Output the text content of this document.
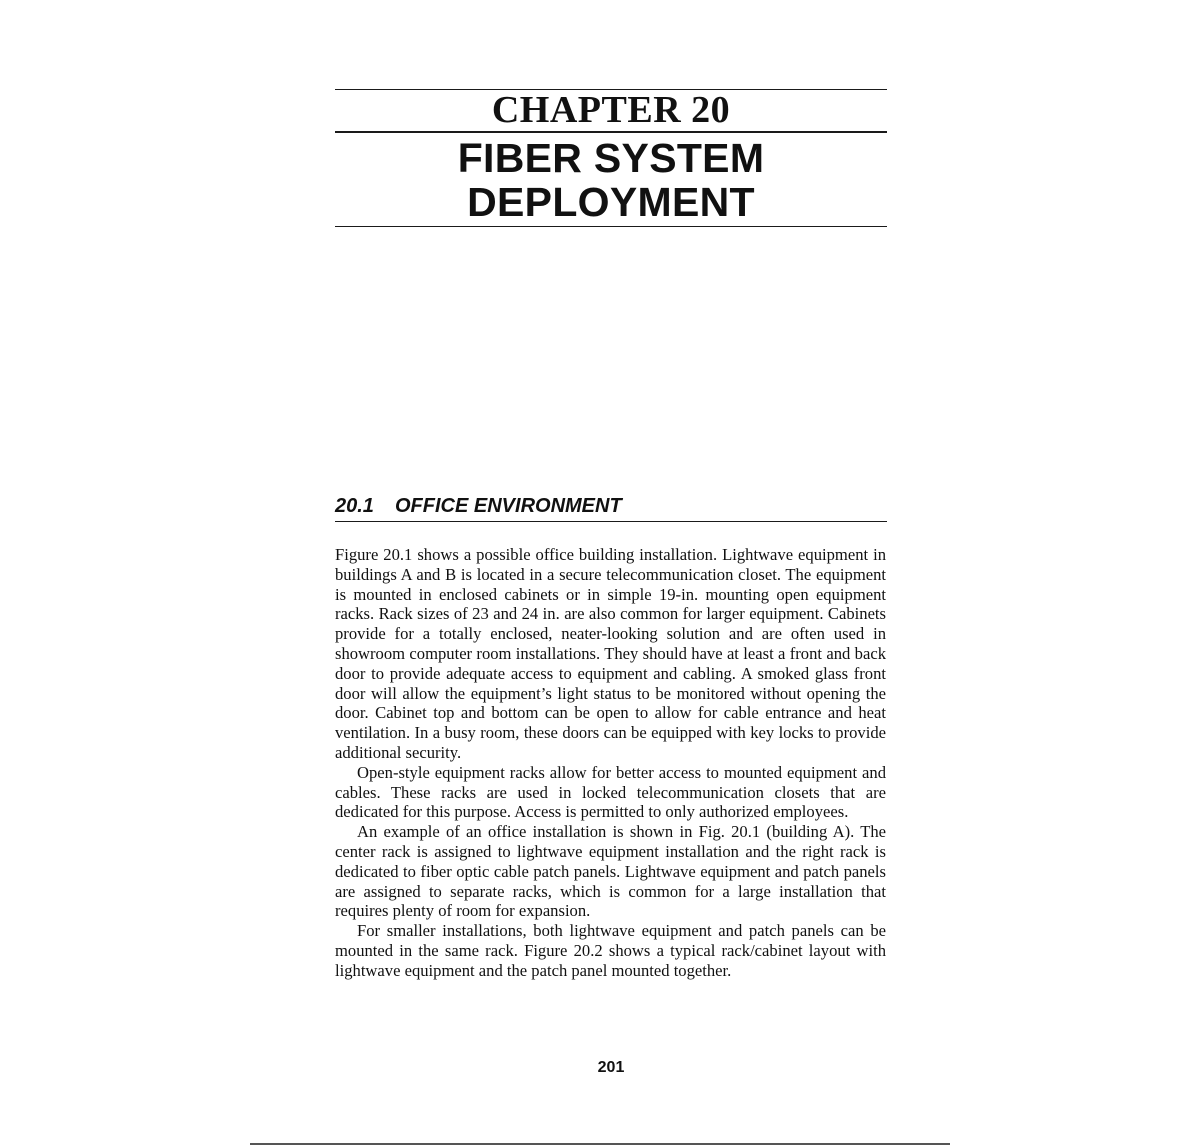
CHAPTER 20
FIBER SYSTEM
DEPLOYMENT
20.1 OFFICE ENVIRONMENT

Figure 20.1 shows a possible office building installation. Lightwave equipment in buildings A and B is located in a secure telecommunication closet. The equipment is mounted in enclosed cabinets or in simple 19-in. mounting open equipment racks. Rack sizes of 23 and 24 in. are also common for larger equipment. Cabinets provide for a totally enclosed, neater-looking solution and are often used in showroom computer room installations. They should have at least a front and back door to provide adequate access to equipment and cabling. A smoked glass front door will allow the equipment’s light status to be monitored without opening the door. Cabinet top and bottom can be open to allow for cable entrance and heat ventilation. In a busy room, these doors can be equipped with key locks to provide additional security.

Open-style equipment racks allow for better access to mounted equipment and cables. These racks are used in locked telecommunication closets that are dedicated for this purpose. Access is permitted to only authorized employees.

An example of an office installation is shown in Fig. 20.1 (building A). The center rack is assigned to lightwave equipment installation and the right rack is dedicated to fiber optic cable patch panels. Lightwave equipment and patch panels are assigned to separate racks, which is common for a large installation that requires plenty of room for expansion.

For smaller installations, both lightwave equipment and patch panels can be mounted in the same rack. Figure 20.2 shows a typical rack/cabinet layout with lightwave equipment and the patch panel mounted together.

201
